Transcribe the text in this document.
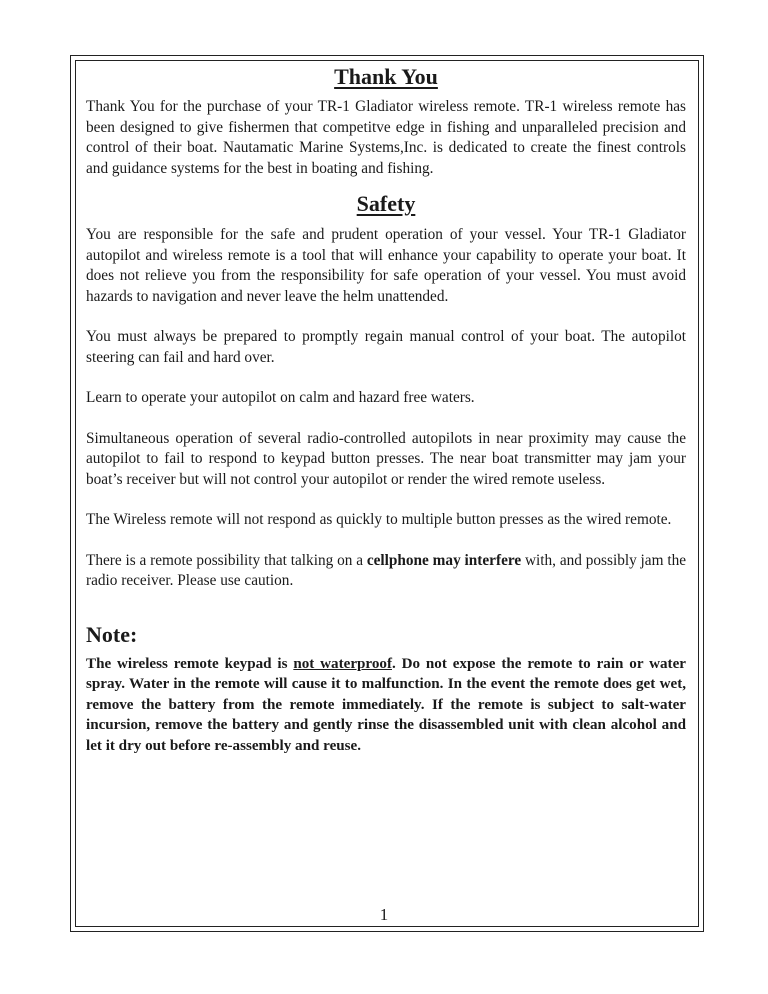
Thank You

Thank You for the purchase of your TR-1 Gladiator wireless remote. TR-1 wireless remote has been designed to give fishermen that competitve edge in fishing and unparalleled precision and control of their boat. Nautamatic Marine Systems,Inc. is dedicated to create the finest controls and guidance systems for the best in boating and fishing.

Safety

You are responsible for the safe and prudent operation of your vessel. Your TR-1 Gladiator autopilot and wireless remote is a tool that will enhance your capability to operate your boat. It does not relieve you from the responsibility for safe operation of your vessel. You must avoid hazards to navigation and never leave the helm unattended.

You must always be prepared to promptly regain manual control of your boat. The autopilot steering can fail and hard over.

Learn to operate your autopilot on calm and hazard free waters.

Simultaneous operation of several radio-controlled autopilots in near proximity may cause the autopilot to fail to respond to keypad button presses. The near boat transmitter may jam your boat’s receiver but will not control your autopilot or render the wired remote useless.

The Wireless remote will not respond as quickly to multiple button presses as the wired remote.

There is a remote possibility that talking on a cellphone may interfere with, and possibly jam the radio receiver. Please use caution.

Note:

The wireless remote keypad is not waterproof. Do not expose the remote to rain or water spray. Water in the remote will cause it to malfunction. In the event the remote does get wet, remove the battery from the remote immediately. If the remote is subject to salt-water incursion, remove the battery and gently rinse the disassembled unit with clean alcohol and let it dry out before re-assembly and reuse.

1
